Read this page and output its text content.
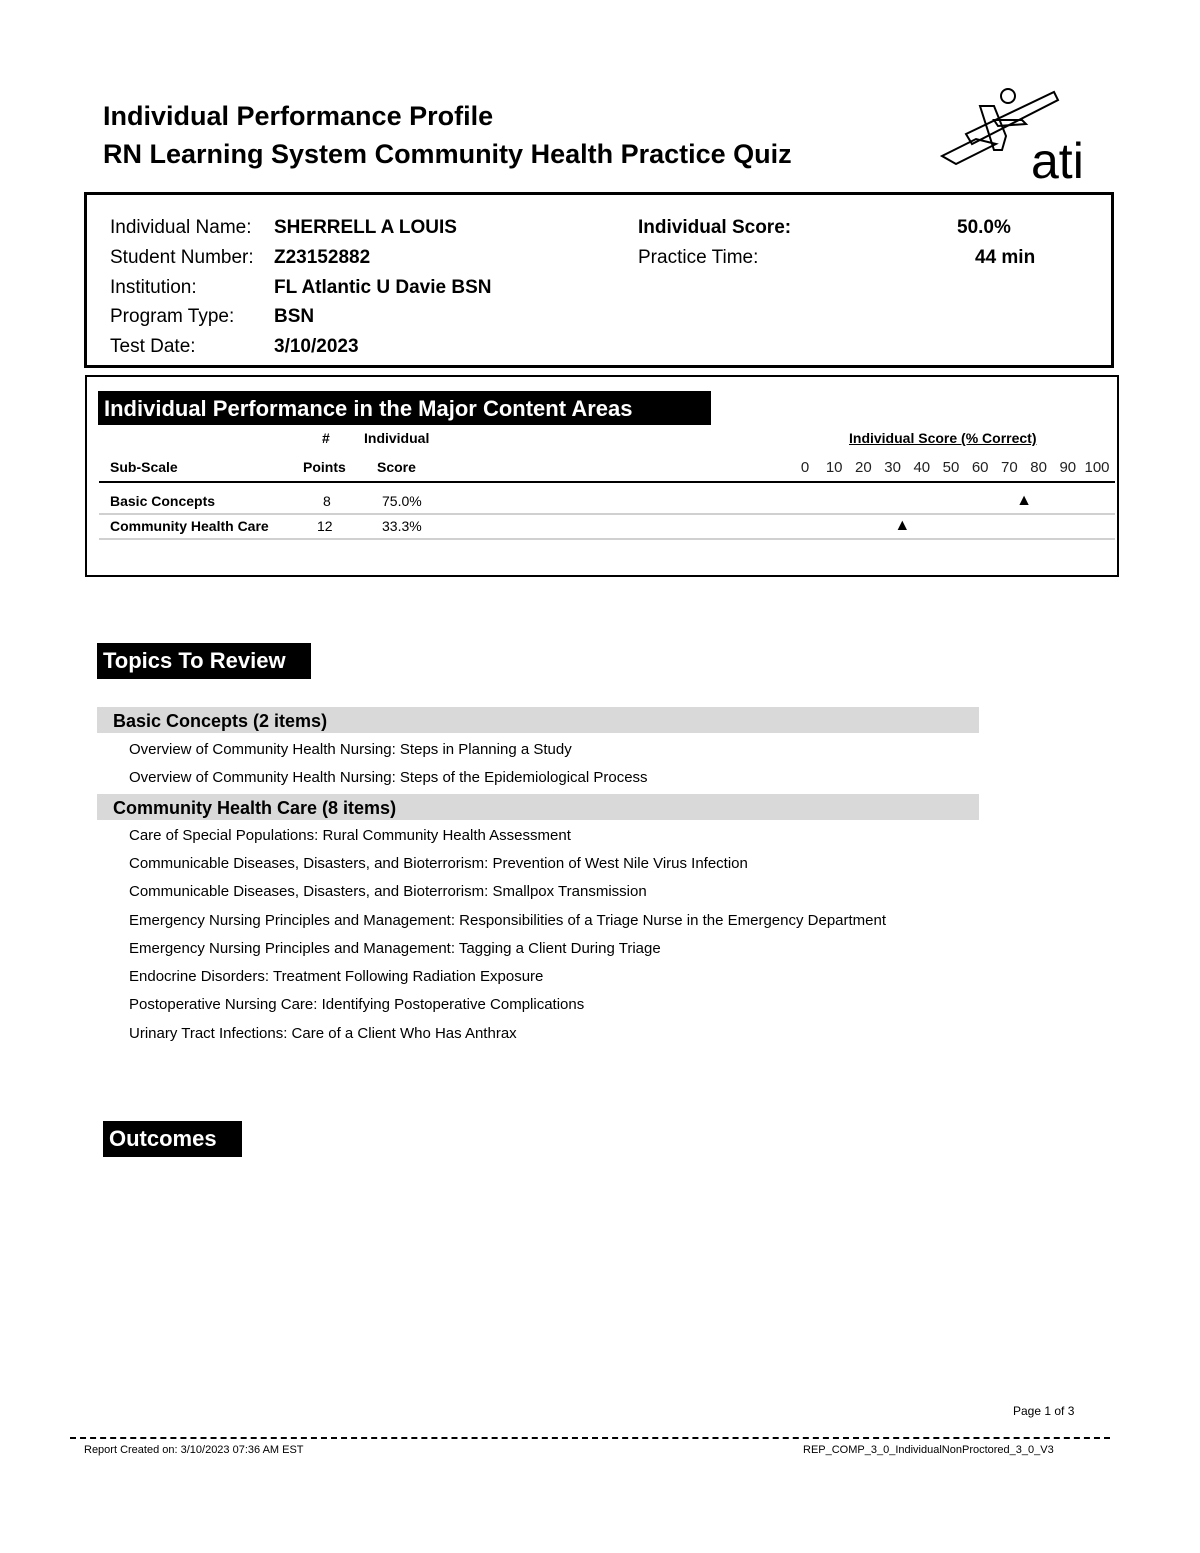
Individual Performance Profile
RN Learning System Community Health Practice Quiz	ati
Individual Name: SHERRELL A LOUIS
Student Number: Z23152882
Institution:	FL Atlantic U Davie BSN
Program Type: BSN
Test Date:	3/10/2023
Individual Score:	50.0%
Practice Time:	44 min
Individual Performance in the Major Content Areas
# Individual	Individual Score (% Correct)
Sub-Scale	Points Score	0 10 20 30 40 50 60 70 80 90 100
Basic Concepts	8	75.0%	▲
Community Health Care	12	33.3%	▲
Topics To Review
Basic Concepts (2 items)
Overview of Community Health Nursing: Steps in Planning a Study
Overview of Community Health Nursing: Steps of the Epidemiological Process
Community Health Care (8 items)
Care of Special Populations: Rural Community Health Assessment
Communicable Diseases, Disasters, and Bioterrorism: Prevention of West Nile Virus Infection
Communicable Diseases, Disasters, and Bioterrorism: Smallpox Transmission
Emergency Nursing Principles and Management: Responsibilities of a Triage Nurse in the Emergency Department
Emergency Nursing Principles and Management: Tagging a Client During Triage
Endocrine Disorders: Treatment Following Radiation Exposure
Postoperative Nursing Care: Identifying Postoperative Complications
Urinary Tract Infections: Care of a Client Who Has Anthrax
Outcomes
Page 1 of 3
Report Created on: 3/10/2023 07:36 AM EST	REP_COMP_3_0_IndividualNonProctored_3_0_V3
